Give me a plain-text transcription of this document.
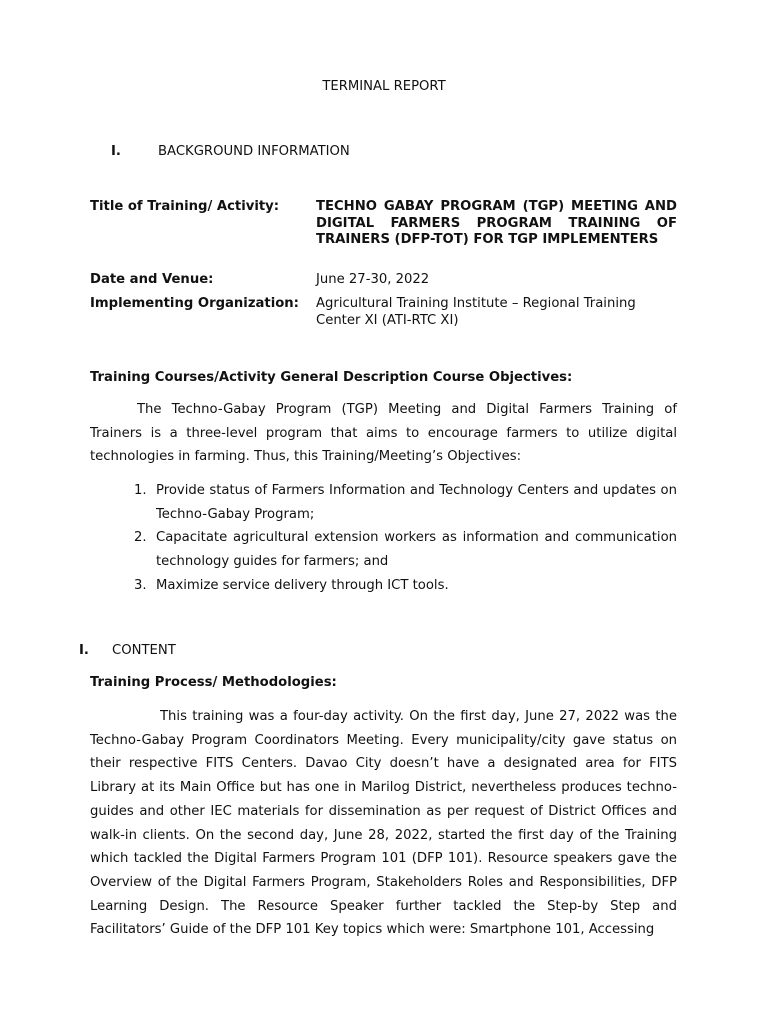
TERMINAL REPORT
I.	BACKGROUND INFORMATION
Title of Training/ Activity:	TECHNO GABAY PROGRAM (TGP) MEETING AND DIGITAL FARMERS PROGRAM TRAINING OF TRAINERS (DFP-TOT) FOR TGP IMPLEMENTERS
Date and Venue:	June 27-30, 2022
Implementing Organization: Agricultural Training Institute – Regional Training Center XI (ATI-RTC XI)
Training Courses/Activity General Description Course Objectives:
The Techno-Gabay Program (TGP) Meeting and Digital Farmers Training of Trainers is a three-level program that aims to encourage farmers to utilize digital technologies in farming. Thus, this Training/Meeting’s Objectives:
1. Provide status of Farmers Information and Technology Centers and updates on Techno-Gabay Program;
2. Capacitate agricultural extension workers as information and communication technology guides for farmers; and
3. Maximize service delivery through ICT tools.
I. CONTENT
Training Process/ Methodologies:
This training was a four-day activity. On the first day, June 27, 2022 was the Techno-Gabay Program Coordinators Meeting. Every municipality/city gave status on their respective FITS Centers. Davao City doesn’t have a designated area for FITS Library at its Main Office but has one in Marilog District, nevertheless produces techno-guides and other IEC materials for dissemination as per request of District Offices and walk-in clients. On the second day, June 28, 2022, started the first day of the Training which tackled the Digital Farmers Program 101 (DFP 101). Resource speakers gave the Overview of the Digital Farmers Program, Stakeholders Roles and Responsibilities, DFP Learning Design. The Resource Speaker further tackled the Step-by Step and Facilitators’ Guide of the DFP 101 Key topics which were: Smartphone 101, Accessing
